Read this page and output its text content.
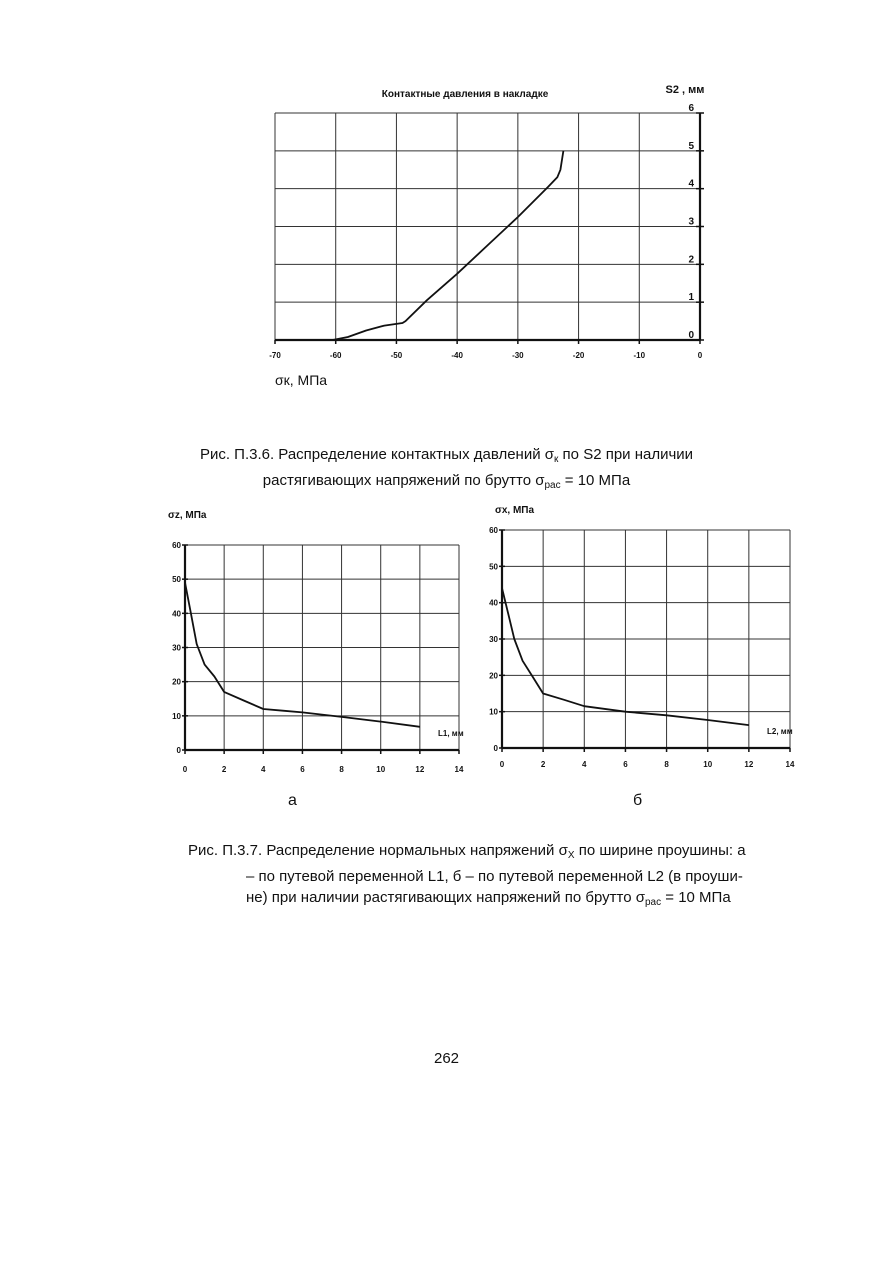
-70	-60	-50	-40	-30	-20	-10	0
0
1
2
3
4
5
6
Контактные давления в накладке	S2 , мм
σк, МПа
Рис. П.3.6. Распределение контактных давлений $\sigma_к$ по S2 при наличии растягивающих напряжений по брутто $\sigma_{рас} = 10$ МПа
0	2	4	6	8	10	12	14
0
10
20
30
40
50
60
σz, МПа
L1, мм
0	2	4	6	8	10	12	14
0
10
20
30
40
50
60
σx, МПа
L2, мм
а	б
Рис. П.3.7. Распределение нормальных напряжений $\sigma_X$ по ширине проушины: а
– по путевой переменной L1, б – по путевой переменной L2 (в проуши-
не) при наличии растягивающих напряжений по брутто $\sigma_{рас} = 10$ МПа
262
